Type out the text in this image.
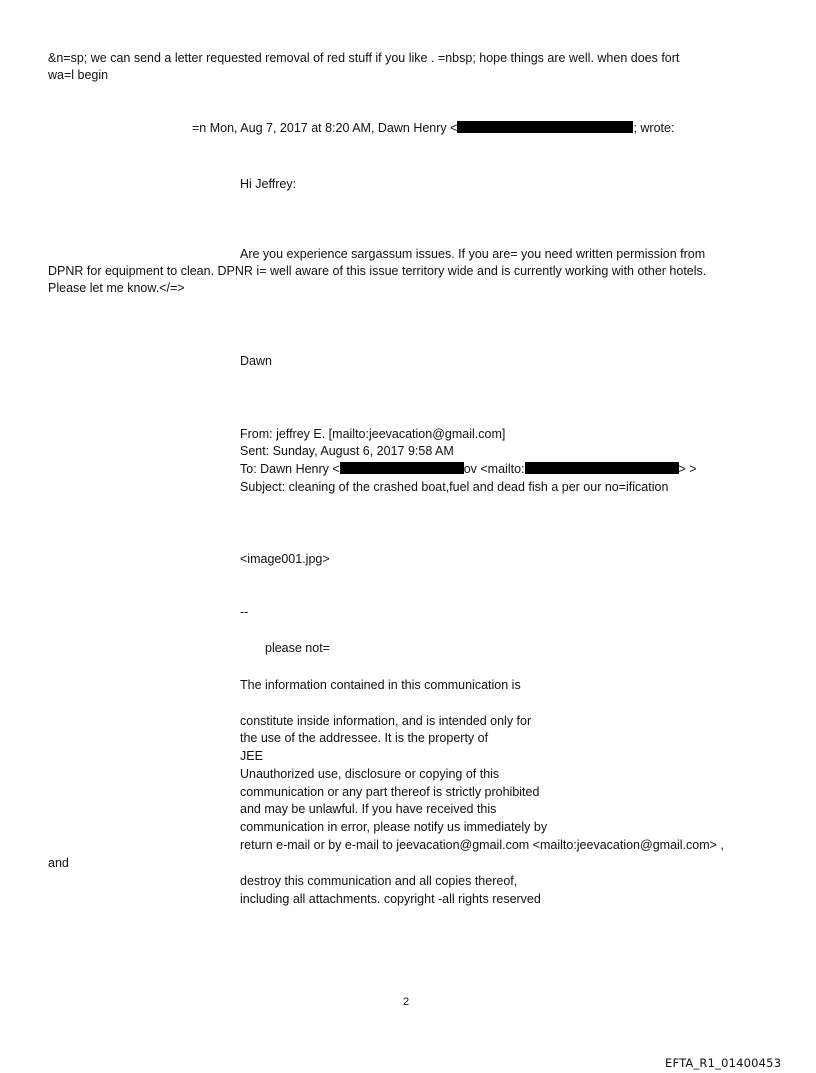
&n=sp; we can send a letter requested removal of red stuff if you like . =nbsp; hope things are well. when does fort
wa=l begin
=n Mon, Aug 7, 2017 at 8:20 AM, Dawn Henry <	; wrote:
Hi Jeffrey:
Are you experience sargassum issues. If you are= you need written permission from
DPNR for equipment to clean. DPNR i= well aware of this issue territory wide and is currently working with other hotels.
Please let me know.</=>
Dawn
From: jeffrey E. [mailto:jeevacation@gmail.com]
Sent: Sunday, August 6, 2017 9:58 AM
To: Dawn Henry <	ov <mailto:	> >
Subject: cleaning of the crashed boat,fuel and dead fish a per our no=ification
<image001.jpg>
--
please not=
The information contained in this communication is
constitute inside information, and is intended only for
the use of the addressee. It is the property of
JEE
Unauthorized use, disclosure or copying of this
communication or any part thereof is strictly prohibited
and may be unlawful. If you have received this
communication in error, please notify us immediately by
return e-mail or by e-mail to jeevacation@gmail.com <mailto:jeevacation@gmail.com> ,
and
destroy this communication and all copies thereof,
including all attachments. copyright -all rights reserved
2
EFTA_R1_01400453
